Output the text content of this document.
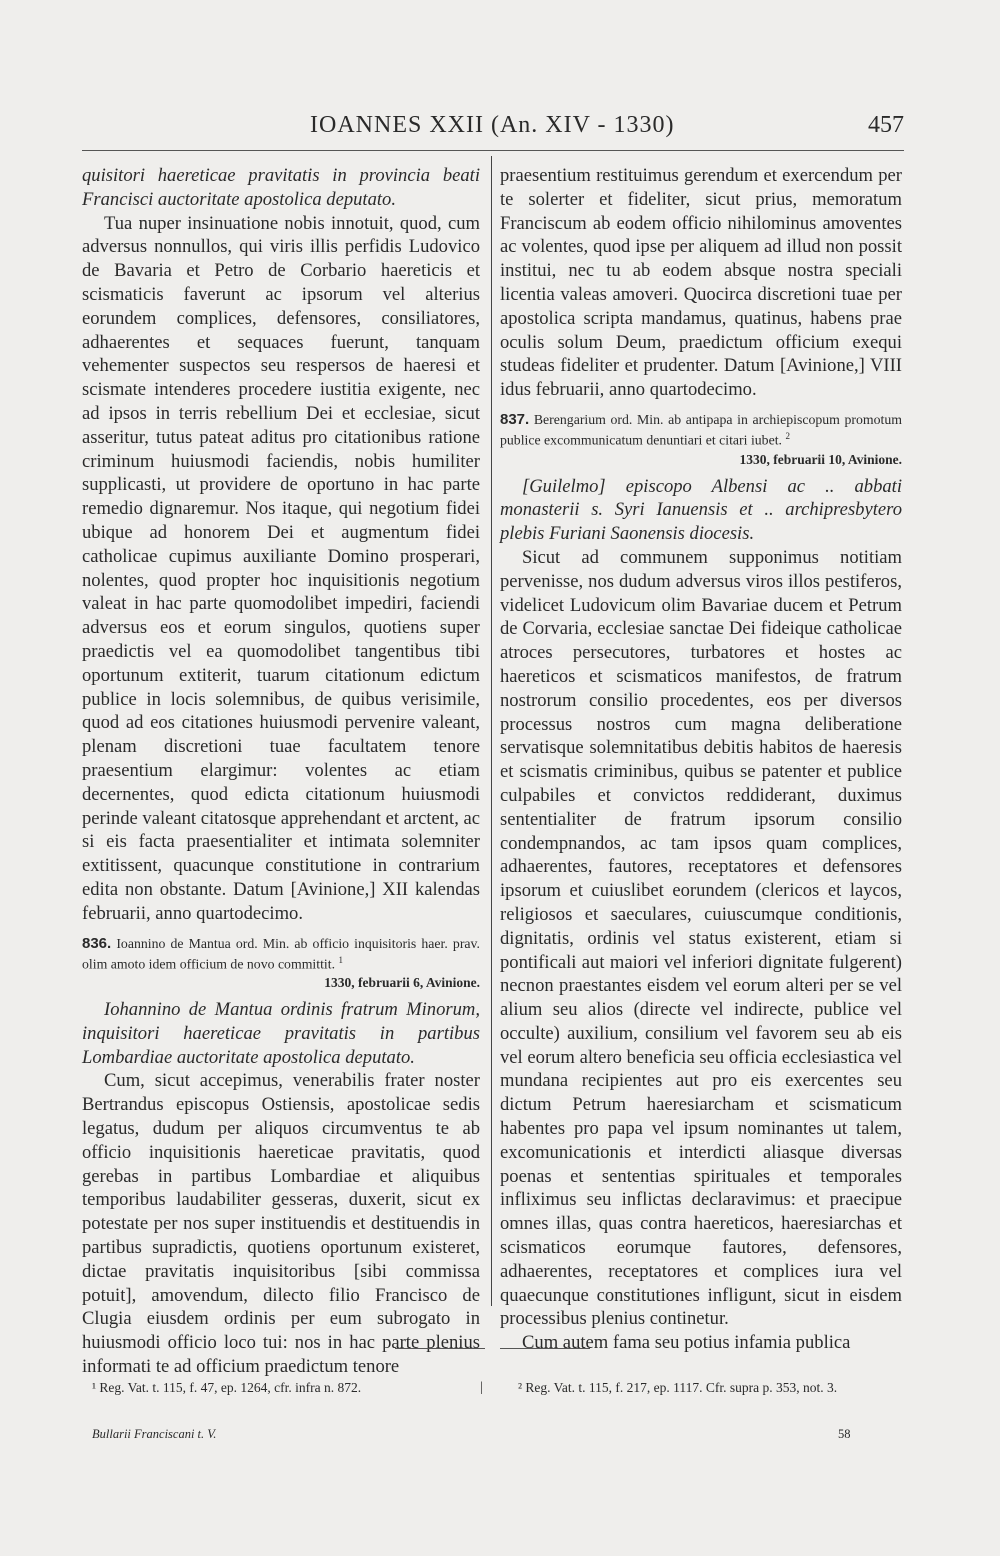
IOANNES XXII (An. XIV - 1330)	457

quisitori haereticae pravitatis in provincia beati Francisci auctoritate apostolica deputato.

Tua nuper insinuatione nobis innotuit, quod, cum adversus nonnullos, qui viris illis perfidis Ludovico de Bavaria et Petro de Corbario haereticis et scismaticis faverunt ac ipsorum vel alterius eorundem complices, defensores, consiliatores, adhaerentes et sequaces fuerunt, tanquam vehementer suspectos seu respersos de haeresi et scismate intenderes procedere iustitia exigente, nec ad ipsos in terris rebellium Dei et ecclesiae, sicut asseritur, tutus pateat aditus pro citationibus ratione criminum huiusmodi faciendis, nobis humiliter supplicasti, ut providere de oportuno in hac parte remedio dignaremur. Nos itaque, qui negotium fidei ubique ad honorem Dei et augmentum fidei catholicae cupimus auxiliante Domino prosperari, nolentes, quod propter hoc inquisitionis negotium valeat in hac parte quomodolibet impediri, faciendi adversus eos et eorum singulos, quotiens super praedictis vel ea quomodolibet tangentibus tibi oportunum extiterit, tuarum citationum edictum publice in locis solemnibus, de quibus verisimile, quod ad eos citationes huiusmodi pervenire valeant, plenam discretioni tuae facultatem tenore praesentium elargimur: volentes ac etiam decernentes, quod edicta citationum huiusmodi perinde valeant citatosque apprehendant et arctent, ac si eis facta praesentialiter et intimata solemniter extitissent, quacunque constitutione in contrarium edita non obstante. Datum [Avinione,] XII kalendas februarii, anno quartodecimo.

836. Ioannino de Mantua ord. Min. ab officio inquisitoris haer. prav. olim amoto idem officium de novo committit. $^1$
1330, februarii 6, Avinione.

Iohannino de Mantua ordinis fratrum Minorum, inquisitori haereticae pravitatis in partibus Lombardiae auctoritate apostolica deputato.

Cum, sicut accepimus, venerabilis frater noster Bertrandus episcopus Ostiensis, apostolicae sedis legatus, dudum per aliquos circumventus te ab officio inquisitionis haereticae pravitatis, quod gerebas in partibus Lombardiae et aliquibus temporibus laudabiliter gesseras, duxerit, sicut ex potestate per nos super instituendis et destituendis in partibus supradictis, quotiens oportunum existeret, dictae pravitatis inquisitoribus [sibi commissa potuit], amovendum, dilecto filio Francisco de Clugia eiusdem ordinis per eum subrogato in huiusmodi officio loco tui: nos in hac parte plenius informati te ad officium praedictum tenore

praesentium restituimus gerendum et exercendum per te solerter et fideliter, sicut prius, memoratum Franciscum ab eodem officio nihilominus amoventes ac volentes, quod ipse per aliquem ad illud non possit institui, nec tu ab eodem absque nostra speciali licentia valeas amoveri. Quocirca discretioni tuae per apostolica scripta mandamus, quatinus, habens prae oculis solum Deum, praedictum officium exequi studeas fideliter et prudenter. Datum [Avinione,] VIII idus februarii, anno quartodecimo.

837. Berengarium ord. Min. ab antipapa in archiepiscopum promotum publice excommunicatum denuntiari et citari iubet. $^2$
1330, februarii 10, Avinione.

[Guilelmo] episcopo Albensi ac .. abbati monasterii s. Syri Ianuensis et .. archipresbytero plebis Furiani Saonensis diocesis.

Sicut ad communem supponimus notitiam pervenisse, nos dudum adversus viros illos pestiferos, videlicet Ludovicum olim Bavariae ducem et Petrum de Corvaria, ecclesiae sanctae Dei fideique catholicae atroces persecutores, turbatores et hostes ac haereticos et scismaticos manifestos, de fratrum nostrorum consilio procedentes, eos per diversos processus nostros cum magna deliberatione servatisque solemnitatibus debitis habitos de haeresis et scismatis criminibus, quibus se patenter et publice culpabiles et convictos reddiderant, duximus sententialiter de fratrum ipsorum consilio condempnandos, ac tam ipsos quam complices, adhaerentes, fautores, receptatores et defensores ipsorum et cuiuslibet eorundem (clericos et laycos, religiosos et saeculares, cuiuscumque conditionis, dignitatis, ordinis vel status existerent, etiam si pontificali aut maiori vel inferiori dignitate fulgerent) necnon praestantes eisdem vel eorum alteri per se vel alium seu alios (directe vel indirecte, publice vel occulte) auxilium, consilium vel favorem seu ab eis vel eorum altero beneficia seu officia ecclesiastica vel mundana recipientes aut pro eis exercentes seu dictum Petrum haeresiarcham et scismaticum habentes pro papa vel ipsum nominantes ut talem, excomunicationis et interdicti aliasque diversas poenas et sententias spirituales et temporales infliximus seu inflictas declaravimus: et praecipue omnes illas, quas contra haereticos, haeresiarchas et scismaticos eorumque fautores, defensores, adhaerentes, receptatores et complices iura vel quaecunque constitutiones infligunt, sicut in eisdem processibus plenius continetur.

Cum autem fama seu potius infamia publica

¹ Reg. Vat. t. 115, f. 47, ep. 1264, cfr. infra n. 872.	|	² Reg. Vat. t. 115, f. 217, ep. 1117. Cfr. supra p. 353, not. 3.
Bullarii Franciscani t. V.	58
